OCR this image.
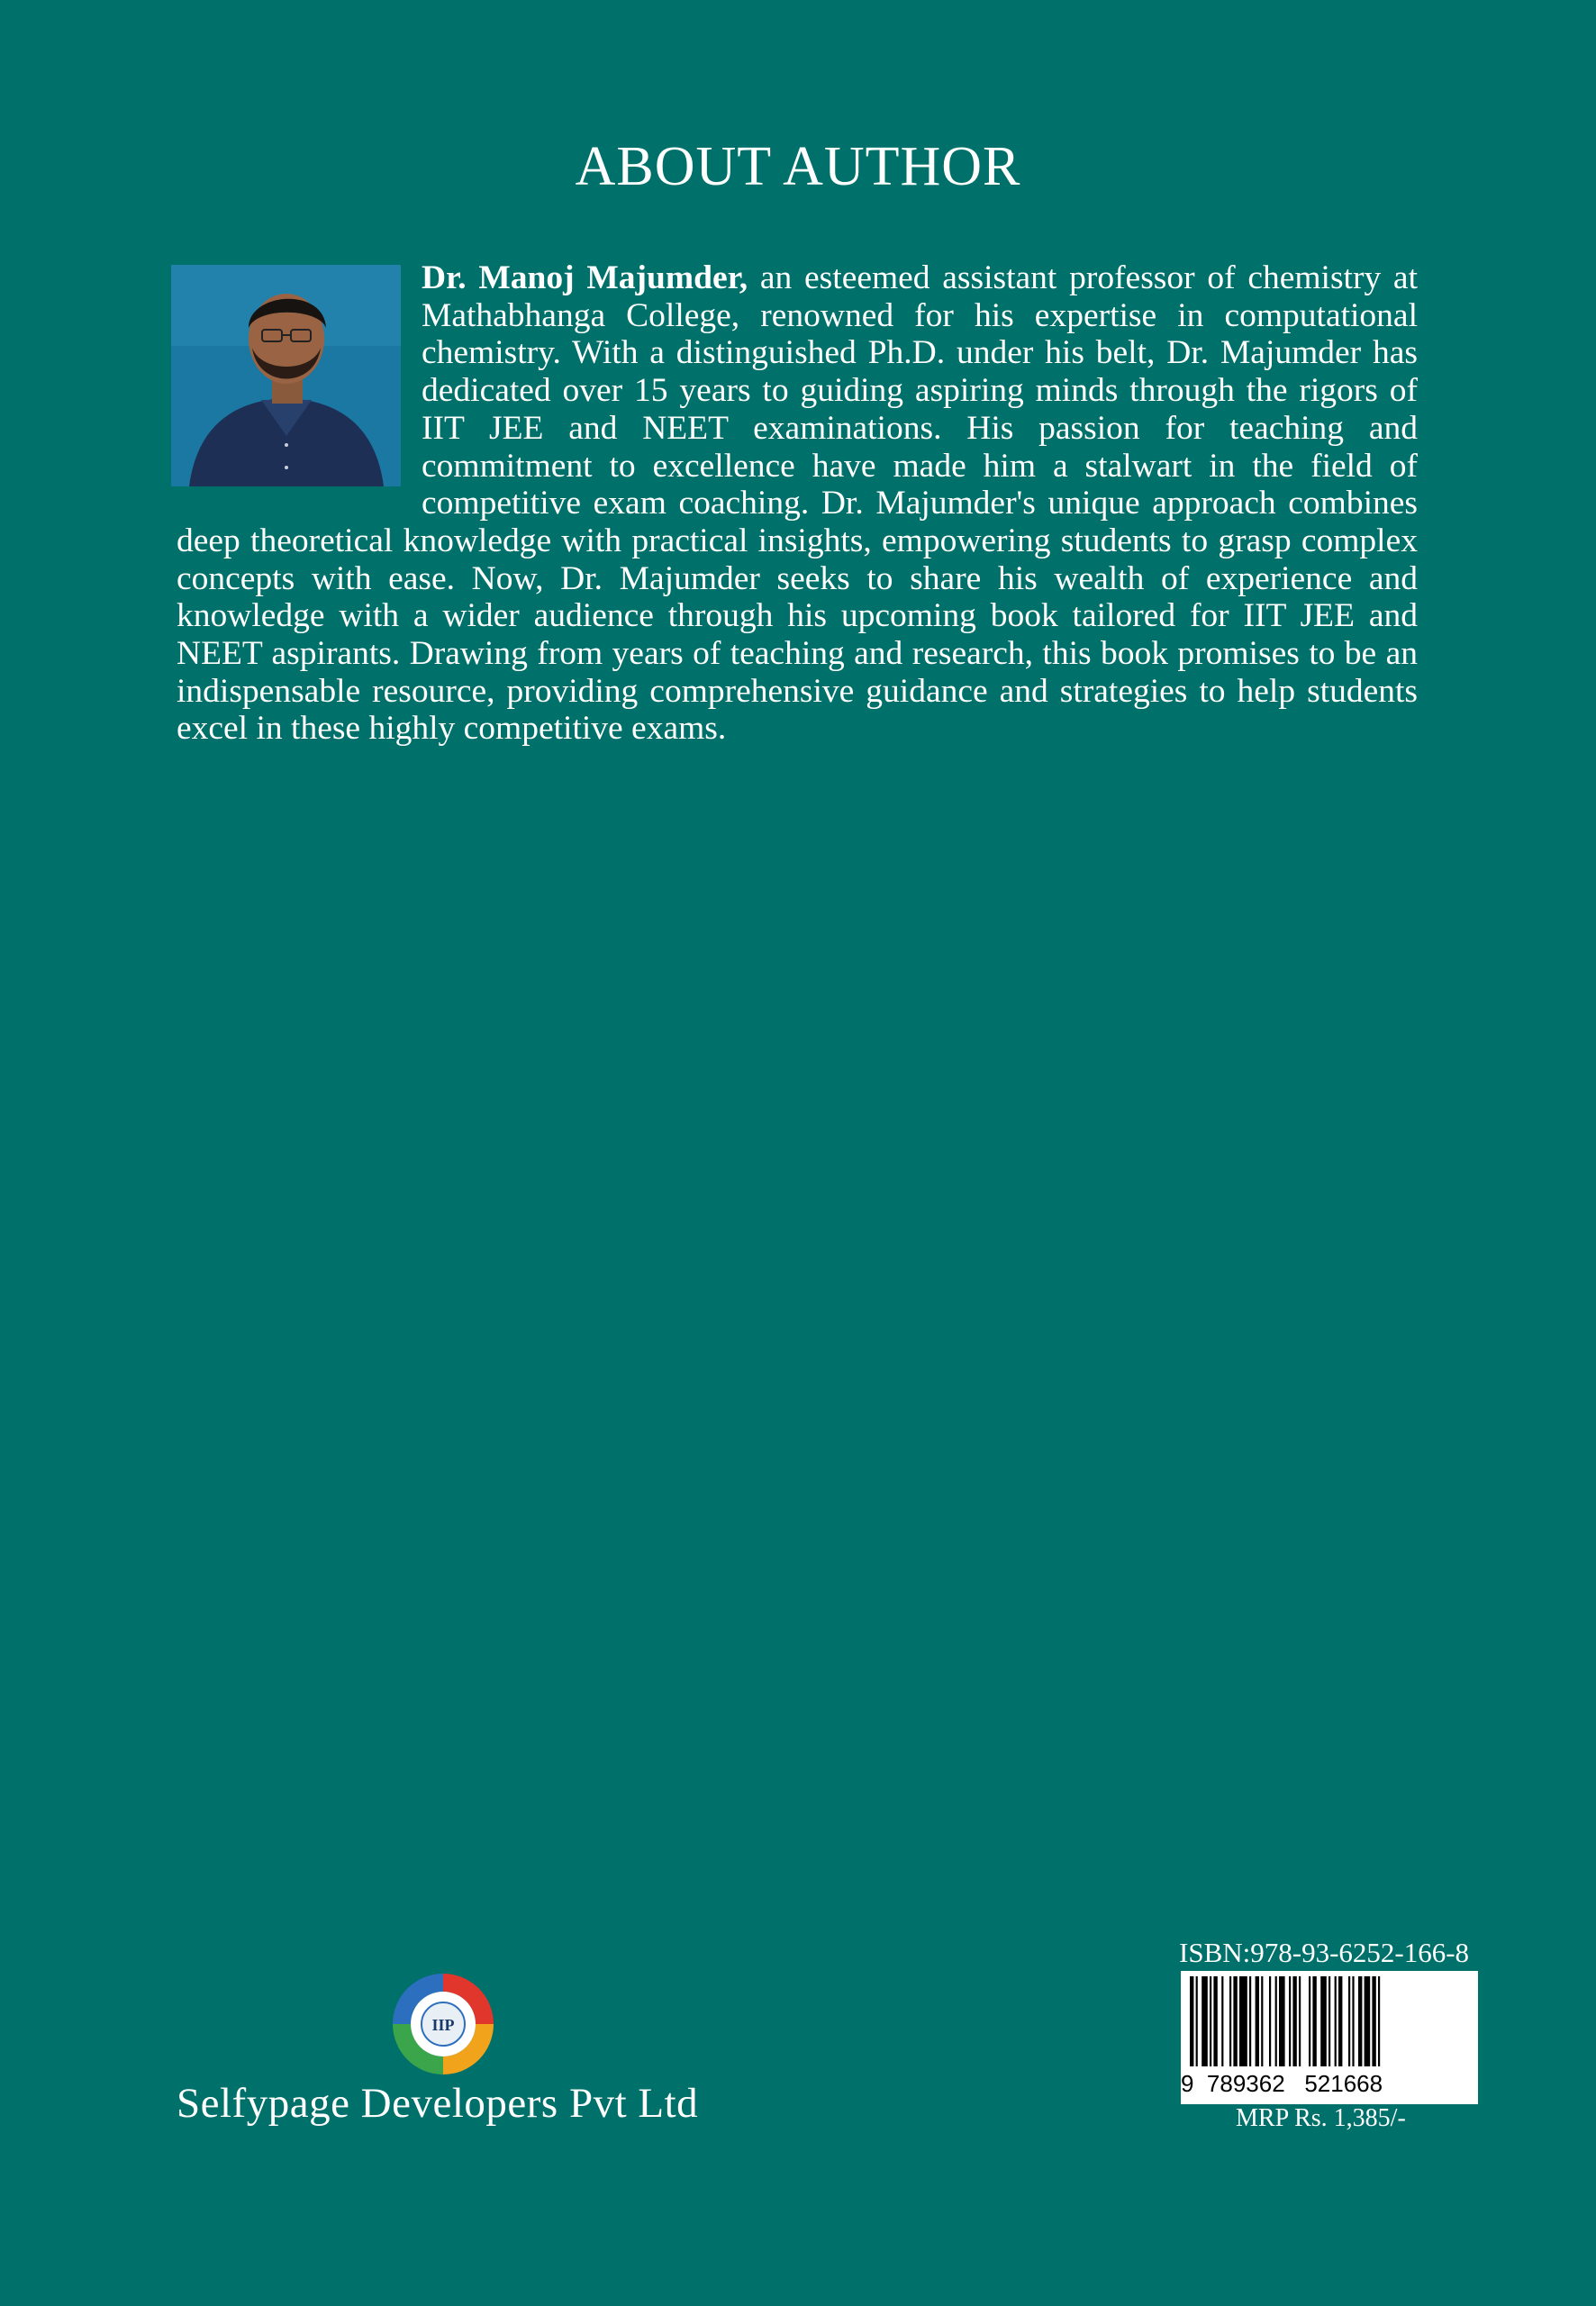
ABOUT AUTHOR

Dr. Manoj Majumder, an esteemed assistant professor of chemistry at Mathabhanga College, renowned for his expertise in computational chemistry. With a distinguished Ph.D. under his belt, Dr. Majumder has dedicated over 15 years to guiding aspiring minds through the rigors of IIT JEE and NEET examinations. His passion for teaching and commitment to excellence have made him a stalwart in the field of competitive exam coaching. Dr. Majumder's unique approach combines deep theoretical knowledge with practical insights, empowering students to grasp complex concepts with ease. Now, Dr. Majumder seeks to share his wealth of experience and knowledge with a wider audience through his upcoming book tailored for IIT JEE and NEET aspirants. Drawing from years of teaching and research, this book promises to be an indispensable resource, providing comprehensive guidance and strategies to help students excel in these highly competitive exams.

IIP
Selfypage Developers Pvt Ltd
ISBN:978-93-6252-166-8
9  789362   521668
MRP Rs. 1,385/-
